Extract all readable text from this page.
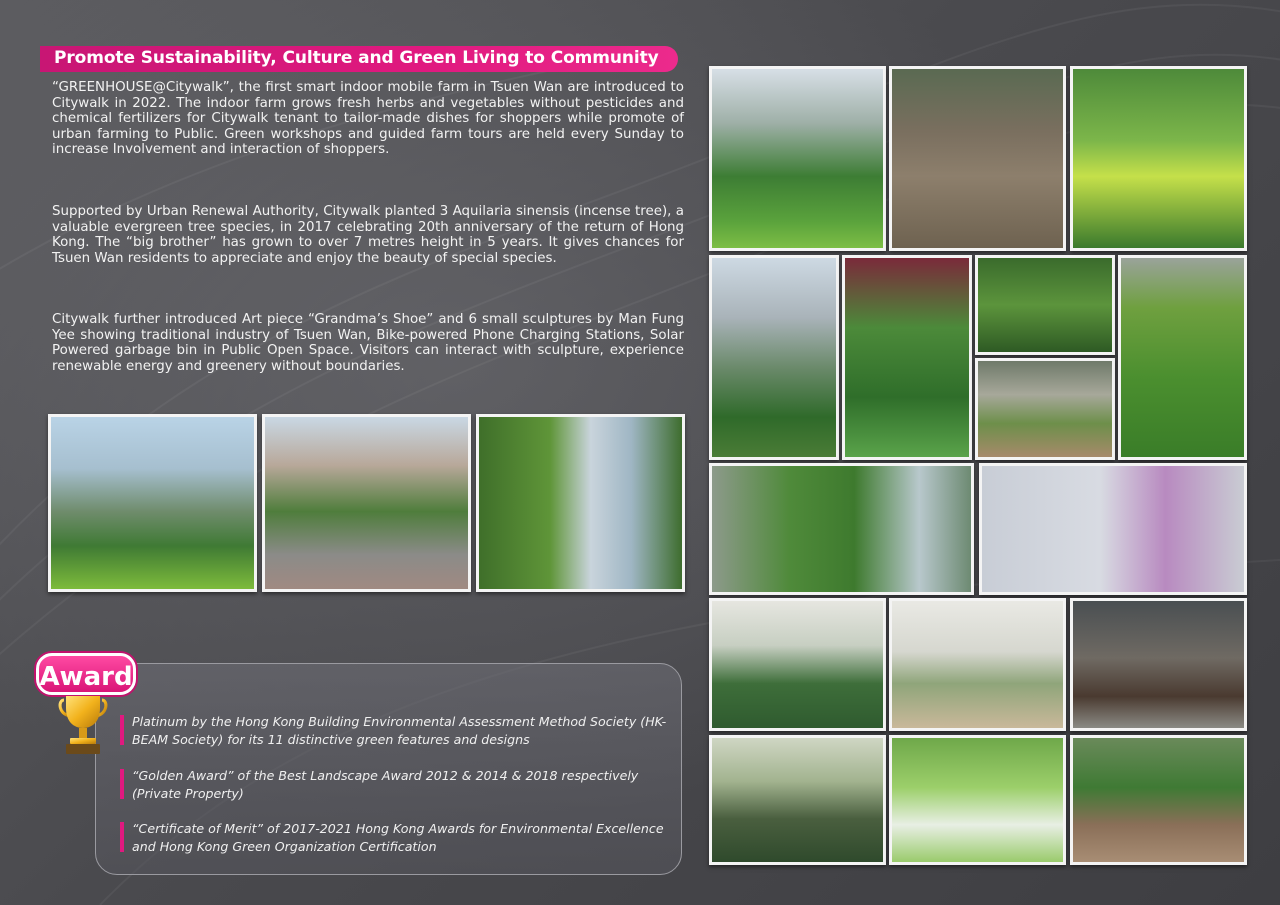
Promote Sustainability, Culture and Green Living to Community

“GREENHOUSE@Citywalk”, the first smart indoor mobile farm in Tsuen Wan are introduced to Citywalk in 2022. The indoor farm grows fresh herbs and vegetables without pesticides and chemical fertilizers for Citywalk tenant to tailor-made dishes for shoppers while promote of urban farming to Public. Green workshops and guided farm tours are held every Sunday to increase Involvement and interaction of shoppers.

Supported by Urban Renewal Authority, Citywalk planted 3 Aquilaria sinensis (incense tree), a valuable evergreen tree species, in 2017 celebrating 20th anniversary of the return of Hong Kong. The “big brother” has grown to over 7 metres height in 5 years. It gives chances for Tsuen Wan residents to appreciate and enjoy the beauty of special species.

Citywalk further introduced Art piece “Grandma’s Shoe” and 6 small sculptures by Man Fung Yee showing traditional industry of Tsuen Wan, Bike-powered Phone Charging Stations, Solar Powered garbage bin in Public Open Space. Visitors can interact with sculpture, experience renewable energy and greenery without boundaries.

Award

Platinum by the Hong Kong Building Environmental Assessment Method Society (HK-BEAM Society) for its 11 distinctive green features and designs

“Golden Award” of the Best Landscape Award 2012 & 2014 & 2018 respectively (Private Property)

“Certificate of Merit” of 2017-2021 Hong Kong Awards for Environmental Excellence and Hong Kong Green Organization Certification
